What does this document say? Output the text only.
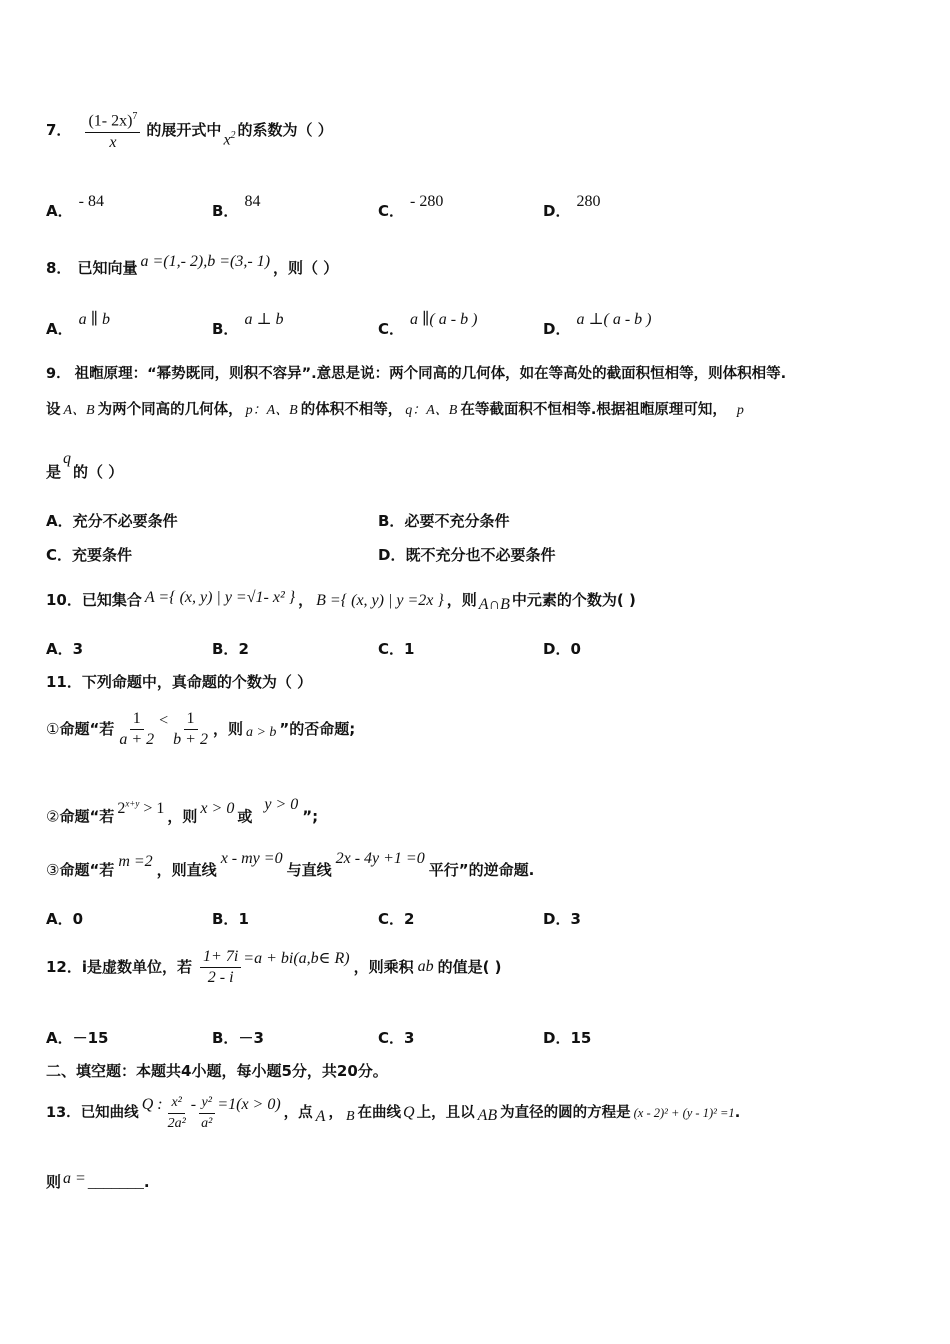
7． $\frac{(1- 2x)^7}{x}$ 的展开式中
$x^2$ 的系数为（ ）
A．- 84
B．84
C．- 280
D．280
8． 已知向量 a =(1,- 2),b =(3,- 1) ，则（ ）
A．a ∥ b
B．a ⊥ b
C．a ∥( a - b )
D．a ⊥( a - b )
9． 祖暅原理：“幂势既同，则积不容异”.意思是说：两个同高的几何体，如在等高处的截面积恒相等，则体积相等.
设 A、B 为两个同高的几何体， p：A、B 的体积不相等， q：A、B 在等截面积不恒相等.根据祖暅原理可知， p
是q的（ ）
A．充分不必要条件	B．必要不充分条件
C．充要条件	D．既不充分也不必要条件
10．已知集合 A ={ (x, y) | y =√1- x² } ， B ={ (x, y) | y =2x } ，则 A∩B 中元素的个数为( )
A．3	B．2	C．1	D．0
11．下列命题中，真命题的个数为（ ）
① 命题“若 $\frac{1}{a + 2} < \frac{1}{b + 2}$ ，则 a > b ”的否命题;
②命题“若 $2^{x+y} > 1$ ，则 x > 0 或y > 0”;
③命题“若 m =2 ，则直线x - my =0与直线2x - 4y +1 =0平行”的逆命题.
A．0	B．1	C．2	D．3
12． i是虚数单位，若 $\frac{1+ 7i}{2 - i} =a$ + bi(a,b∈ R) ，则乘积 ab 的值是( )
A．－15	B．－3	C．3	D．15
二、填空题：本题共4小题，每小题5分，共20分。
13． 已知曲线 Q : $\frac{\text{x²}}{\text{2a²}} - \frac{\text{y²}}{\text{a²}} =1(x > 0)$ ，点 A ， B 在曲线 Q 上，且以 AB 为直径的圆的方程是 (x - 2)² + (y - 1)² =1 .
则 a = _______.
